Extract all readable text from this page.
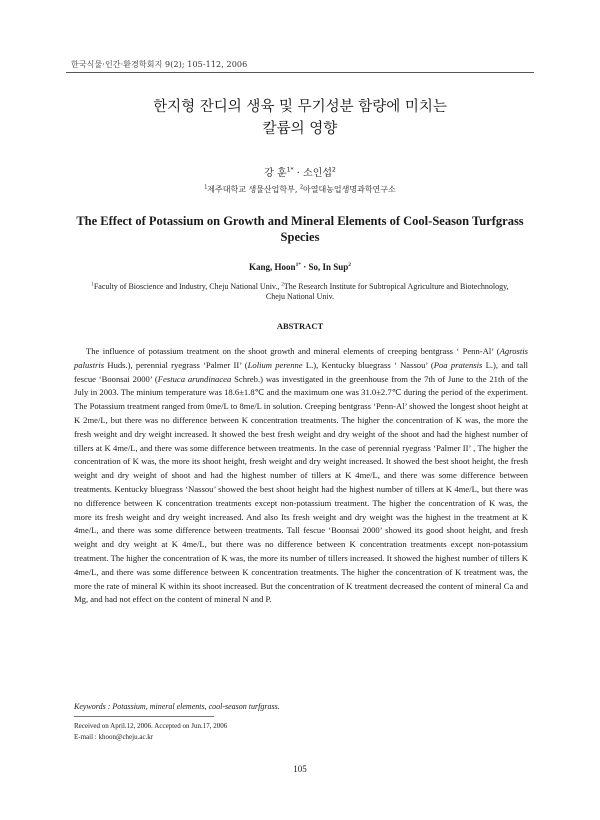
한국식물·인간·환경학회지 9(2); 105-112, 2006
한지형 잔디의 생육 및 무기성분 함량에 미치는
칼륨의 영향
강 훈$^{1*}$ · 소인섭$^2$
$^1$제주대학교 생물산업학부, $^2$아열대농업생명과학연구소
The Effect of Potassium on Growth and Mineral Elements of Cool-Season Turfgrass Species
Kang, Hoon$^{1*}$ · So, In Sup$^2$
$^1$Faculty of Bioscience and Industry, Cheju National Univ., $^2$The Research Institute for Subtropical Agriculture and Biotechnology, Cheju National Univ.
ABSTRACT

The influence of potassium treatment on the shoot growth and mineral elements of creeping bentgrass ‘ Penn-Al’ (Agrostis palustris Huds.), perennial ryegrass ‘Palmer II’ (Lolium perenne L.), Kentucky bluegrass ‘ Nassou’ (Poa pratensis L.), and tall fescue ‘Boonsai 2000’ (Festuca arundinacea Schreb.) was investigated in the greenhouse from the 7th of June to the 21th of the July in 2003. The minium temperature was 18.6±1.8℃ and the maximum one was 31.0±2.7℃ during the period of the experiment. The Potassium treatment ranged from 0me/L to 8me/L in solution. Creeping bentgrass ‘Penn-Al’ showed the longest shoot height at K 2me/L, but there was no difference between K concentration treatments. The higher the concentration of K was, the more the fresh weight and dry weight increased. It showed the best fresh weight and dry weight of the shoot and had the highest number of tillers at K 4me/L, and there was some difference between treatments. In the case of perennial ryegrass ‘Palmer II’ , The higher the concentration of K was, the more its shoot height, fresh weight and dry weight increased. It showed the best shoot height, the fresh weight and dry weight of shoot and had the highest number of tillers at K 4me/L, and there was some difference between treatments. Kentucky bluegrass ‘Nassou’ showed the best shoot height had the highest number of tillers at K 4me/L, but there was no difference between K concentration treatments except non-potassium treatment. The higher the concentration of K was, the more its fresh weight and dry weight increased. And also Its fresh weight and dry weight was the highest in the treatment at K 4me/L, and there was some difference between treatments. Tall fescue ‘Boonsai 2000’ showed its good shoot height, and fresh weight and dry weight at K 4me/L, but there was no difference between K concentration treatments except non-potassium treatment. The higher the concentration of K was, the more its number of tillers increased. It showed the highest number of tillers K 4me/L, and there was some difference between K concentration treatments. The higher the concentration of K treatment was, the more the rate of mineral K within its shoot increased. But the concentration of K treatment decreased the content of mineral Ca and Mg, and had not effect on the content of mineral N and P.

Keywords : Potassium, mineral elements, cool-season turfgrass.
Received on April.12, 2006. Accepted on Jun.17, 2006
E-mail : khoon@cheju.ac.kr
105
